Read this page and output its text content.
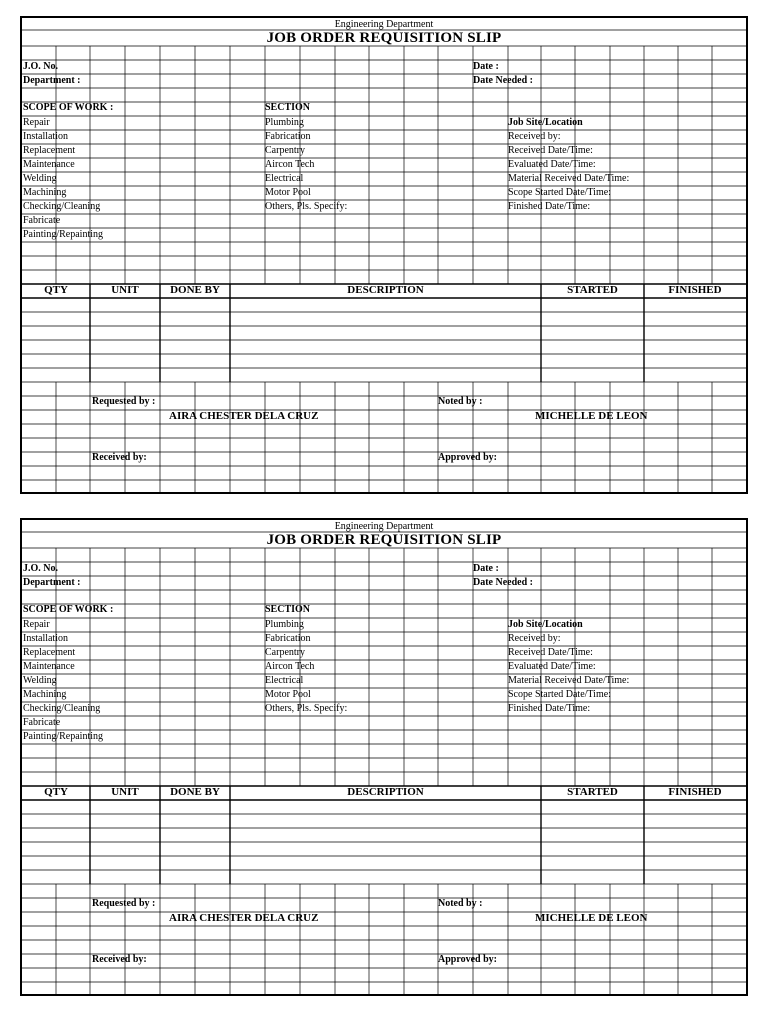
Engineering Department
JOB ORDER REQUISITION SLIP
J.O. No.
Department :
Date :
Date Needed :
SCOPE OF WORK :
Repair
Installation
Replacement
Maintenance
Welding
Machining
Checking/Cleaning
Fabricate
Painting/Repainting
SECTION
Plumbing
Fabrication
Carpentry
Aircon Tech
Electrical
Motor Pool
Others, Pls. Specify:
Job Site/Location
Received by:
Received Date/Time:
Evaluated Date/Time:
Material Received Date/Time:
Scope Started Date/Time:
Finished Date/Time:
QTY	UNIT	DONE BY	DESCRIPTION	STARTED	FINISHED
Requested by :
AIRA CHESTER DELA CRUZ
Noted by :
MICHELLE DE LEON
Received by:	Approved by:
Engineering Department
JOB ORDER REQUISITION SLIP
J.O. No.
Department :
Date :
Date Needed :
SCOPE OF WORK :
Repair
Installation
Replacement
Maintenance
Welding
Machining
Checking/Cleaning
Fabricate
Painting/Repainting
SECTION
Plumbing
Fabrication
Carpentry
Aircon Tech
Electrical
Motor Pool
Others, Pls. Specify:
Job Site/Location
Received by:
Received Date/Time:
Evaluated Date/Time:
Material Received Date/Time:
Scope Started Date/Time:
Finished Date/Time:
QTY	UNIT	DONE BY	DESCRIPTION	STARTED	FINISHED
Requested by :
AIRA CHESTER DELA CRUZ
Noted by :
MICHELLE DE LEON
Received by:	Approved by:
